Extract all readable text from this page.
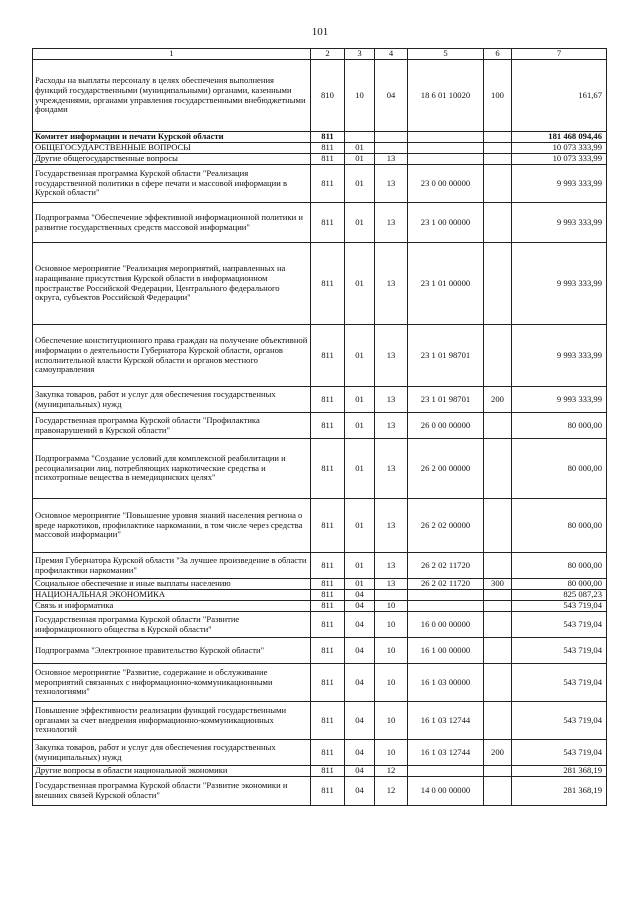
101
1	2	3	4	5	6	7
Расходы на выплаты персоналу в целях обеспечения выполнения функций государственными (муниципальными) органами, казенными учреждениями, органами управления государственными внебюджетными фондами	810	10	04	18 6 01 10020	100	161,67
Комитет информации и печати Курской области	811					181 468 094,46
ОБЩЕГОСУДАРСТВЕННЫЕ ВОПРОСЫ	811	01				10 073 333,99
Другие общегосударственные вопросы	811	01	13			10 073 333,99
Государственная программа Курской области "Реализация государственной политики в сфере печати и массовой информации в Курской области"	811	01	13	23 0 00 00000		9 993 333,99
Подпрограмма "Обеспечение эффективной информационной политики и развитие государственных средств массовой информации"	811	01	13	23 1 00 00000		9 993 333,99
Основное мероприятие "Реализация мероприятий, направленных на наращивание присутствия Курской области в информационном пространстве Российской Федерации, Центрального федерального округа, субъектов Российской Федерации"	811	01	13	23 1 01 00000		9 993 333,99
Обеспечение конституционного права граждан на получение объективной информации о деятельности Губернатора Курской области, органов исполнительной власти Курской области и органов местного самоуправления	811	01	13	23 1 01 98701		9 993 333,99
Закупка товаров, работ и услуг для обеспечения государственных (муниципальных) нужд	811	01	13	23 1 01 98701	200	9 993 333,99
Государственная программа Курской области "Профилактика правонарушений в Курской области"	811	01	13	26 0 00 00000		80 000,00
Подпрограмма "Создание условий для комплексной реабилитации и ресоциализации лиц, потребляющих наркотические средства и психотропные вещества в немедицинских целях"	811	01	13	26 2 00 00000		80 000,00
Основное мероприятие "Повышение уровня знаний населения региона о вреде наркотиков, профилактике наркомании, в том числе через средства массовой информации"	811	01	13	26 2 02 00000		80 000,00
Премия Губернатора Курской области "За лучшее произведение в области профилактики наркомании"	811	01	13	26 2 02 11720		80 000,00
Социальное обеспечение и иные выплаты населению	811	01	13	26 2 02 11720	300	80 000,00
НАЦИОНАЛЬНАЯ ЭКОНОМИКА	811	04				825 087,23
Связь и информатика	811	04	10			543 719,04
Государственная программа Курской области "Развитие информационного общества в Курской области"	811	04	10	16 0 00 00000		543 719,04
Подпрограмма "Электронное правительство Курской области"	811	04	10	16 1 00 00000		543 719,04
Основное мероприятие "Развитие, содержание и обслуживание мероприятий связанных с информационно-коммуникационными технологиями"	811	04	10	16 1 03 00000		543 719,04
Повышение эффективности реализации функций государственными органами за счет внедрения информационно-коммуникационных технологий	811	04	10	16 1 03 12744		543 719,04
Закупка товаров, работ и услуг для обеспечения государственных (муниципальных) нужд	811	04	10	16 1 03 12744	200	543 719,04
Другие вопросы в области национальной экономики	811	04	12			281 368,19
Государственная программа Курской области "Развитие экономики и внешних связей Курской области"	811	04	12	14 0 00 00000		281 368,19
